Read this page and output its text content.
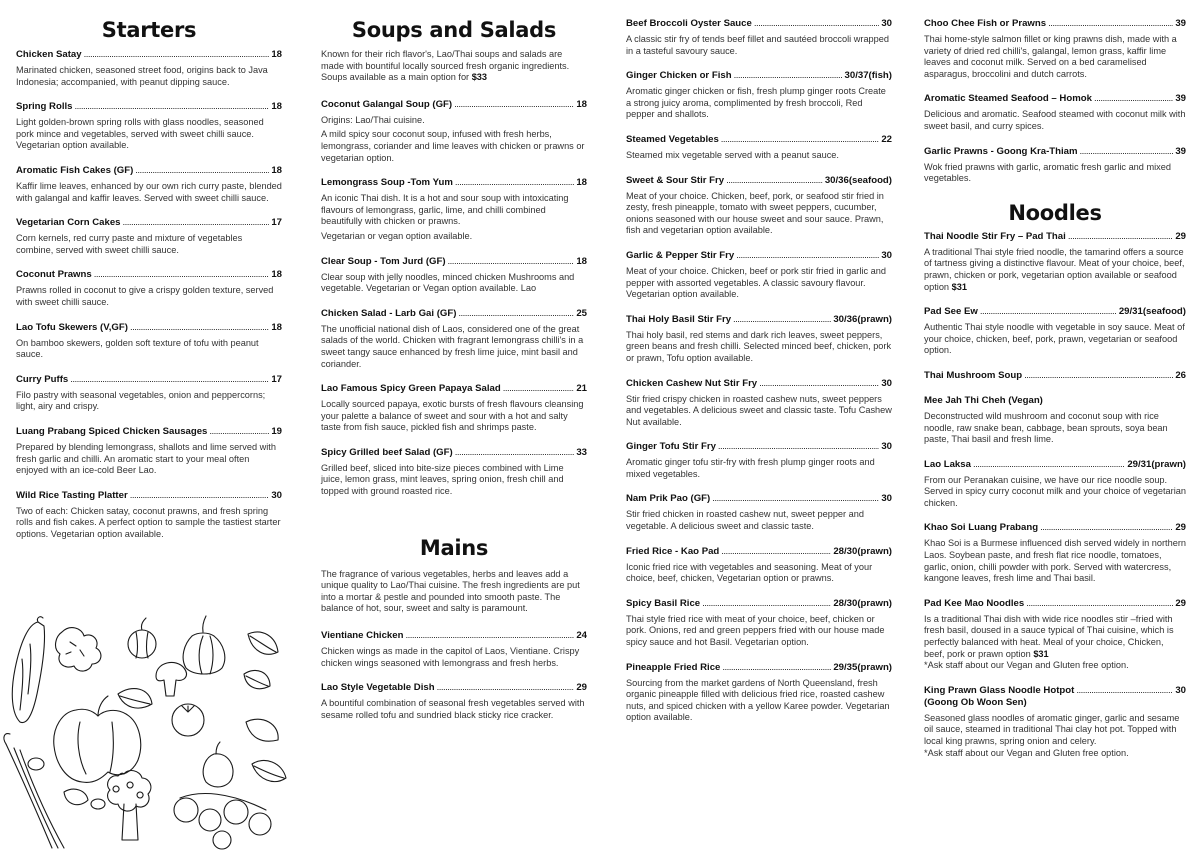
Starters
Chicken Satay . . .	18
Marinated chicken, seasoned street food, origins back to Java Indonesia; accompanied, with peanut dipping sauce.
Spring Rolls . . .	18
Light golden-brown spring rolls with glass noodles, seasoned pork mince and vegetables, served with sweet chilli sauce. Vegetarian option available.
Aromatic Fish Cakes (GF) . . .	18
Kaffir lime leaves, enhanced by our own rich curry paste, blended with galangal and kaffir leaves. Served with sweet chilli sauce.
Vegetarian Corn Cakes . . .	17
Corn kernels, red curry paste and mixture of vegetables combine, served with sweet chilli sauce.
Coconut Prawns . . .	18
Prawns rolled in coconut to give a crispy golden texture, served with sweet chilli sauce.
Lao Tofu Skewers (V,GF) . . .	18
On bamboo skewers, golden soft texture of tofu with peanut sauce.
Curry Puffs . . .	17
Filo pastry with seasonal vegetables, onion and peppercorns; light, airy and crispy.
Luang Prabang Spiced Chicken Sausages . . .	19
Prepared by blending lemongrass, shallots and lime served with fresh garlic and chilli. An aromatic start to your meal often enjoyed with an ice-cold Beer Lao.
Wild Rice Tasting Platter . . .	30
Two of each: Chicken satay, coconut prawns, and fresh spring rolls and fish cakes. A perfect option to sample the tastiest starter options. Vegetarian option available.
Soups and Salads
Known for their rich flavor's, Lao/Thai soups and salads are made with bountiful locally sourced fresh organic ingredients. Soups available as a main option for $33
Coconut Galangal Soup (GF) . . .	18
Origins: Lao/Thai cuisine.
A mild spicy sour coconut soup, infused with fresh herbs, lemongrass, coriander and lime leaves with chicken or prawns or vegetarian option.
Lemongrass Soup -Tom Yum . . .	18
An iconic Thai dish. It is a hot and sour soup with intoxicating flavours of lemongrass, garlic, lime, and chilli combined beautifully with chicken or prawns.
Vegetarian or vegan option available.
Clear Soup - Tom Jurd (GF) . . .	18
Clear soup with jelly noodles, minced chicken Mushrooms and vegetable. Vegetarian or Vegan option available. Lao
Chicken Salad - Larb Gai (GF) . . .	25
The unofficial national dish of Laos, considered one of the great salads of the world. Chicken with fragrant lemongrass chilli's in a sweet tangy sauce enhanced by fresh lime juice, mint basil and coriander.
Lao Famous Spicy Green Papaya Salad . . .	21
Locally sourced papaya, exotic bursts of fresh flavours cleansing your palette a balance of sweet and sour with a hot and salty taste from fish sauce, pickled fish and shrimps paste.
Spicy Grilled beef Salad (GF) . . .	33
Grilled beef, sliced into bite-size pieces combined with Lime juice, lemon grass, mint leaves, spring onion, fresh chill and topped with ground roasted rice.
Mains
The fragrance of various vegetables, herbs and leaves add a unique quality to Lao/Thai cuisine. The fresh ingredients are put into a mortar & pestle and pounded into smooth paste. The balance of hot, sour, sweet and salty is paramount.
Vientiane Chicken . . .	24
Chicken wings as made in the capitol of Laos, Vientiane. Crispy chicken wings seasoned with lemongrass and fresh herbs.
Lao Style Vegetable Dish . . .	29
A bountiful combination of seasonal fresh vegetables served with sesame rolled tofu and sundried black sticky rice cracker.
Beef Broccoli Oyster Sauce . . .	30
A classic stir fry of tends beef fillet and sautéed broccoli wrapped in a tasteful savoury sauce.
Ginger Chicken or Fish . . .	30/37(fish)
Aromatic ginger chicken or fish, fresh plump ginger roots Create a strong juicy aroma, complimented by fresh broccoli, Red pepper and shallots.
Steamed Vegetables . . .	22
Steamed mix vegetable served with a peanut sauce.
Sweet & Sour Stir Fry . . .	30/36(seafood)
Meat of your choice. Chicken, beef, pork, or seafood stir fried in zesty, fresh pineapple, tomato with sweet peppers, cucumber, onions seasoned with our house sweet and sour sauce. Prawn, fish and vegetarian option available.
Garlic & Pepper Stir Fry . . .	30
Meat of your choice. Chicken, beef or pork stir fried in garlic and pepper with assorted vegetables. A classic savoury flavour. Vegetarian option available.
Thai Holy Basil Stir Fry . . .	30/36(prawn)
Thai holy basil, red stems and dark rich leaves, sweet peppers, green beans and fresh chilli. Selected minced beef, chicken, pork or prawn, Tofu option available.
Chicken Cashew Nut Stir Fry . . .	30
Stir fried crispy chicken in roasted cashew nuts, sweet peppers and vegetables. A delicious sweet and classic taste. Tofu Cashew Nut available.
Ginger Tofu Stir Fry . . .	30
Aromatic ginger tofu stir-fry with fresh plump ginger roots and mixed vegetables.
Nam Prik Pao (GF) . . .	30
Stir fried chicken in roasted cashew nut, sweet pepper and vegetable. A delicious sweet and classic taste.
Fried Rice - Kao Pad . . .	28/30(prawn)
Iconic fried rice with vegetables and seasoning. Meat of your choice, beef, chicken, Vegetarian option or prawns.
Spicy Basil Rice . . .	28/30(prawn)
Thai style fried rice with meat of your choice, beef, chicken or pork. Onions, red and green peppers fried with our house made spicy sauce and hot Basil. Vegetarian option.
Pineapple Fried Rice . . .	29/35(prawn)
Sourcing from the market gardens of North Queensland, fresh organic pineapple filled with delicious fried rice, roasted cashew nuts, and spiced chicken with a yellow Karee powder. Vegetarian option available.
Choo Chee Fish or Prawns . . .	39
Thai home-style salmon fillet or king prawns dish, made with a variety of dried red chilli's, galangal, lemon grass, kaffir lime leaves and coconut milk. Served on a bed caramelised asparagus, broccolini and dutch carrots.
Aromatic Steamed Seafood – Homok . . .	39
Delicious and aromatic. Seafood steamed with coconut milk with sweet basil, and curry spices.
Garlic Prawns - Goong Kra-Thiam . . .	39
Wok fried prawns with garlic, aromatic fresh garlic and mixed vegetables.
Noodles
Thai Noodle Stir Fry – Pad Thai . . .	29
A traditional Thai style fried noodle, the tamarind offers a source of tartness giving a distinctive flavour. Meat of your choice, beef, prawn, chicken or pork, vegetarian option available or seafood option $31
Pad See Ew . . .	29/31(seafood)
Authentic Thai style noodle with vegetable in soy sauce. Meat of your choice, chicken, beef, pork, prawn, vegetarian or seafood option.
Thai Mushroom Soup . . .	26
Mee Jah Thi Cheh (Vegan)
Deconstructed wild mushroom and coconut soup with rice noodle, raw snake bean, cabbage, bean sprouts, soya bean paste, Thai basil and fresh lime.
Lao Laksa . . .	29/31(prawn)
From our Peranakan cuisine, we have our rice noodle soup. Served in spicy curry coconut milk and your choice of vegetarian chicken.
Khao Soi Luang Prabang . . .	29
Khao Soi is a Burmese influenced dish served widely in northern Laos. Soybean paste, and fresh flat rice noodle, tomatoes, garlic, onion, chilli powder with pork. Served with watercress, kangone leaves, fresh lime and Thai basil.
Pad Kee Mao Noodles . . .	29
Is a traditional Thai dish with wide rice noodles stir –fried with fresh basil, doused in a sauce typical of Thai cuisine, which is perfectly balanced with heat. Meal of your choice, Chicken, beef, pork or prawn option $31
*Ask staff about our Vegan and Gluten free option.
King Prawn Glass Noodle Hotpot . . .	30
(Goong Ob Woon Sen)
Seasoned glass noodles of aromatic ginger, garlic and sesame oil sauce, steamed in traditional Thai clay hot pot. Topped with local king prawns, spring onion and celery.
*Ask staff about our Vegan and Gluten free option.
